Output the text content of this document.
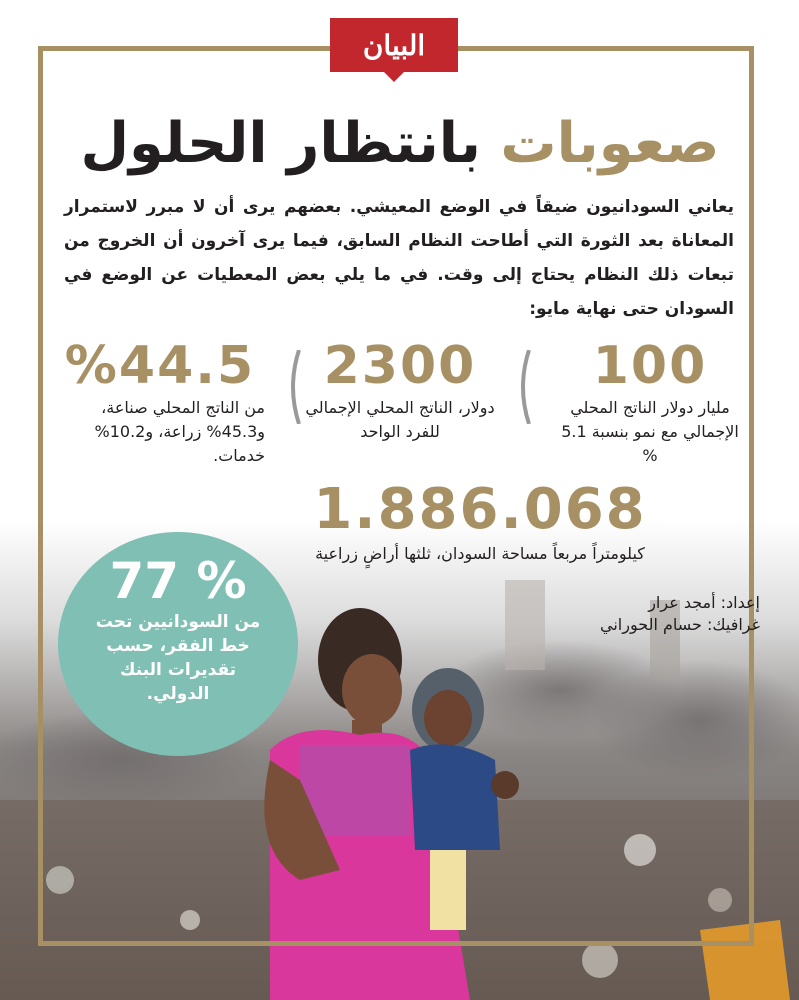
البيان
صعوبات بانتظار الحلول
يعاني السودانيون ضيقاً في الوضع المعيشي. بعضهم يرى أن لا مبرر لاستمرار المعاناة بعد الثورة التي أطاحت النظام السابق، فيما يرى آخرون أن الخروج من تبعات ذلك النظام يحتاج إلى وقت. في ما يلي بعض المعطيات عن الوضع في السودان حتى نهاية مايو:
100
مليار دولار الناتج المحلي الإجمالي مع نمو بنسبة 5.1 %
2300
دولار، الناتج المحلي الإجمالي للفرد الواحد
%44.5
من الناتج المحلي صناعة، و45.3% زراعة، و10.2% خدمات.
1.886.068
كيلومتراً مربعاً مساحة السودان، ثلثها أراضٍ زراعية
إعداد: أمجد عرار
غرافيك: حسام الحوراني
77 %
من السودانيين تحت خط الفقر، حسب تقديرات البنك الدولي.
